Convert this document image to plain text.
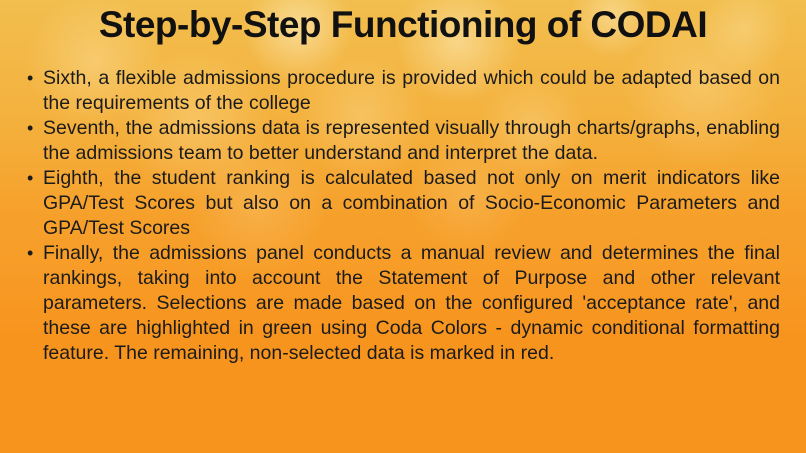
Step-by-Step Functioning of CODAI
• Sixth, a flexible admissions procedure is provided which could be adapted based on the requirements of the college
• Seventh, the admissions data is represented visually through charts/graphs, enabling the admissions team to better understand and interpret the data.
• Eighth, the student ranking is calculated based not only on merit indicators like GPA/Test Scores but also on a combination of Socio-Economic Parameters and GPA/Test Scores
• Finally, the admissions panel conducts a manual review and determines the final rankings, taking into account the Statement of Purpose and other relevant parameters. Selections are made based on the configured 'acceptance rate', and these are highlighted in green using Coda Colors - dynamic conditional formatting feature. The remaining, non-selected data is marked in red.
